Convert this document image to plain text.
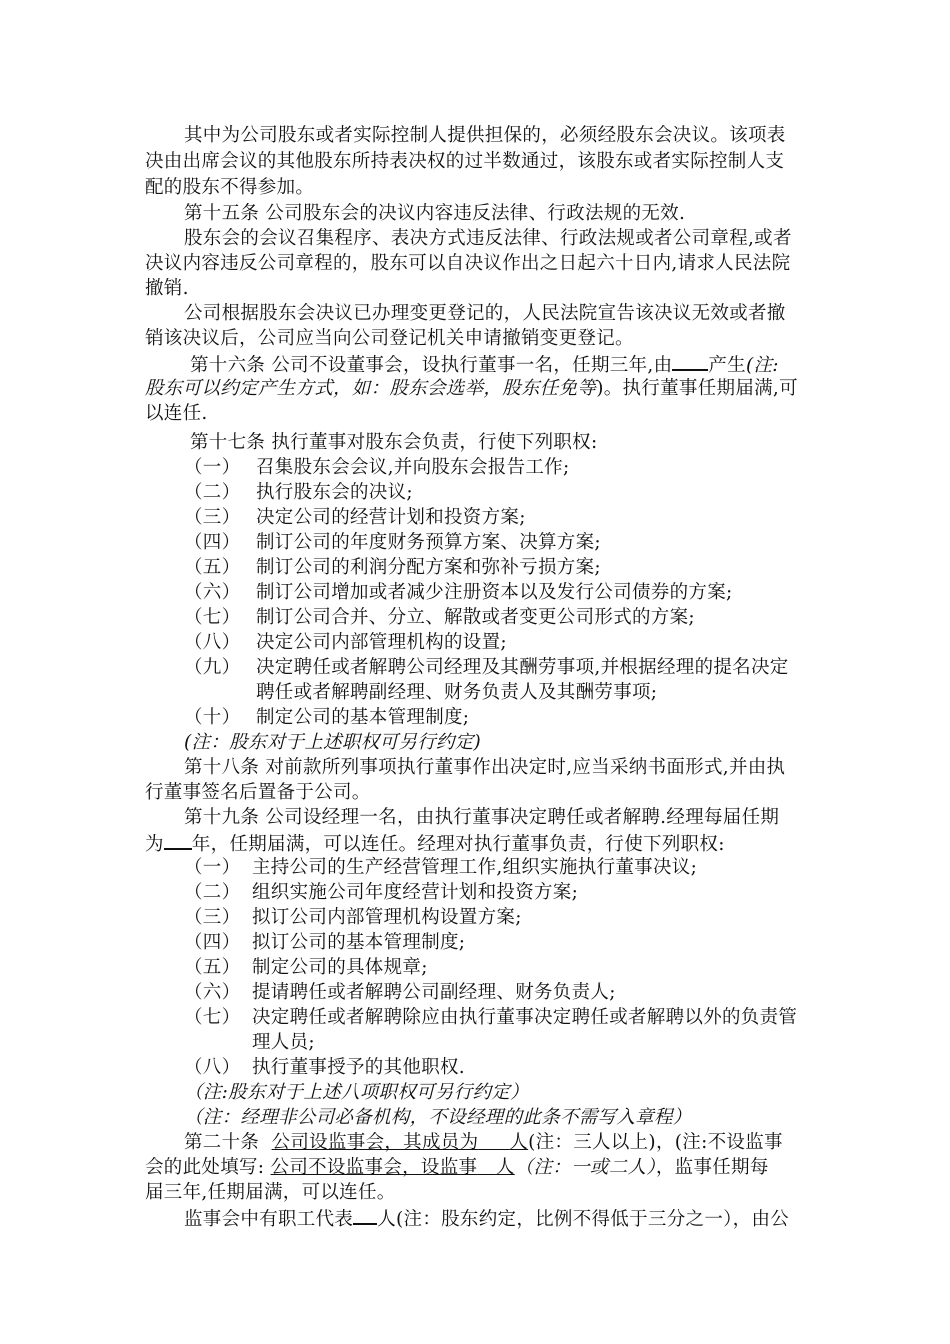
其中为公司股东或者实际控制人提供担保的，必须经股东会决议。该项表
决由出席会议的其他股东所持表决权的过半数通过，该股东或者实际控制人支
配的股东不得参加。
第十五条 公司股东会的决议内容违反法律、行政法规的无效.
股东会的会议召集程序、表决方式违反法律、行政法规或者公司章程,或者
决议内容违反公司章程的，股东可以自决议作出之日起六十日内,请求人民法院
撤销.
公司根据股东会决议已办理变更登记的，人民法院宣告该决议无效或者撤
销该决议后，公司应当向公司登记机关申请撤销变更登记。
第十六条 公司不设董事会，设执行董事一名，任期三年,由 产生(注:
股东可以约定产生方式，如：股东会选举，股东任免等)。执行董事任期届满,可
以连任.
第十七条 执行董事对股东会负责，行使下列职权:
（一） 召集股东会会议,并向股东会报告工作;
（二） 执行股东会的决议;
（三） 决定公司的经营计划和投资方案;
（四） 制订公司的年度财务预算方案、决算方案;
（五） 制订公司的利润分配方案和弥补亏损方案;
（六） 制订公司增加或者减少注册资本以及发行公司债券的方案;
（七） 制订公司合并、分立、解散或者变更公司形式的方案;
（八） 决定公司内部管理机构的设置;
（九） 决定聘任或者解聘公司经理及其酬劳事项,并根据经理的提名决定
聘任或者解聘副经理、财务负责人及其酬劳事项;
（十） 制定公司的基本管理制度;
(注：股东对于上述职权可另行约定)
第十八条 对前款所列事项执行董事作出决定时,应当采纳书面形式,并由执
行董事签名后置备于公司。
第十九条 公司设经理一名，由执行董事决定聘任或者解聘.经理每届任期
为 年，任期届满，可以连任。经理对执行董事负责，行使下列职权:
（一） 主持公司的生产经营管理工作,组织实施执行董事决议;
（二） 组织实施公司年度经营计划和投资方案;
（三） 拟订公司内部管理机构设置方案;
（四） 拟订公司的基本管理制度;
（五） 制定公司的具体规章;
（六） 提请聘任或者解聘公司副经理、财务负责人;
（七） 决定聘任或者解聘除应由执行董事决定聘任或者解聘以外的负责管
理人员;
（八） 执行董事授予的其他职权.
（注:股东对于上述八项职权可另行约定）
（注：经理非公司必备机构，不设经理的此条不需写入章程）
第二十条 公司设监事会，其成员为 人(注：三人以上)，(注:不设监事
会的此处填写: 公司不设监事会，设监事 人（注：一或二人），监事任期每
届三年,任期届满，可以连任。
监事会中有职工代表 人(注：股东约定，比例不得低于三分之一），由公
